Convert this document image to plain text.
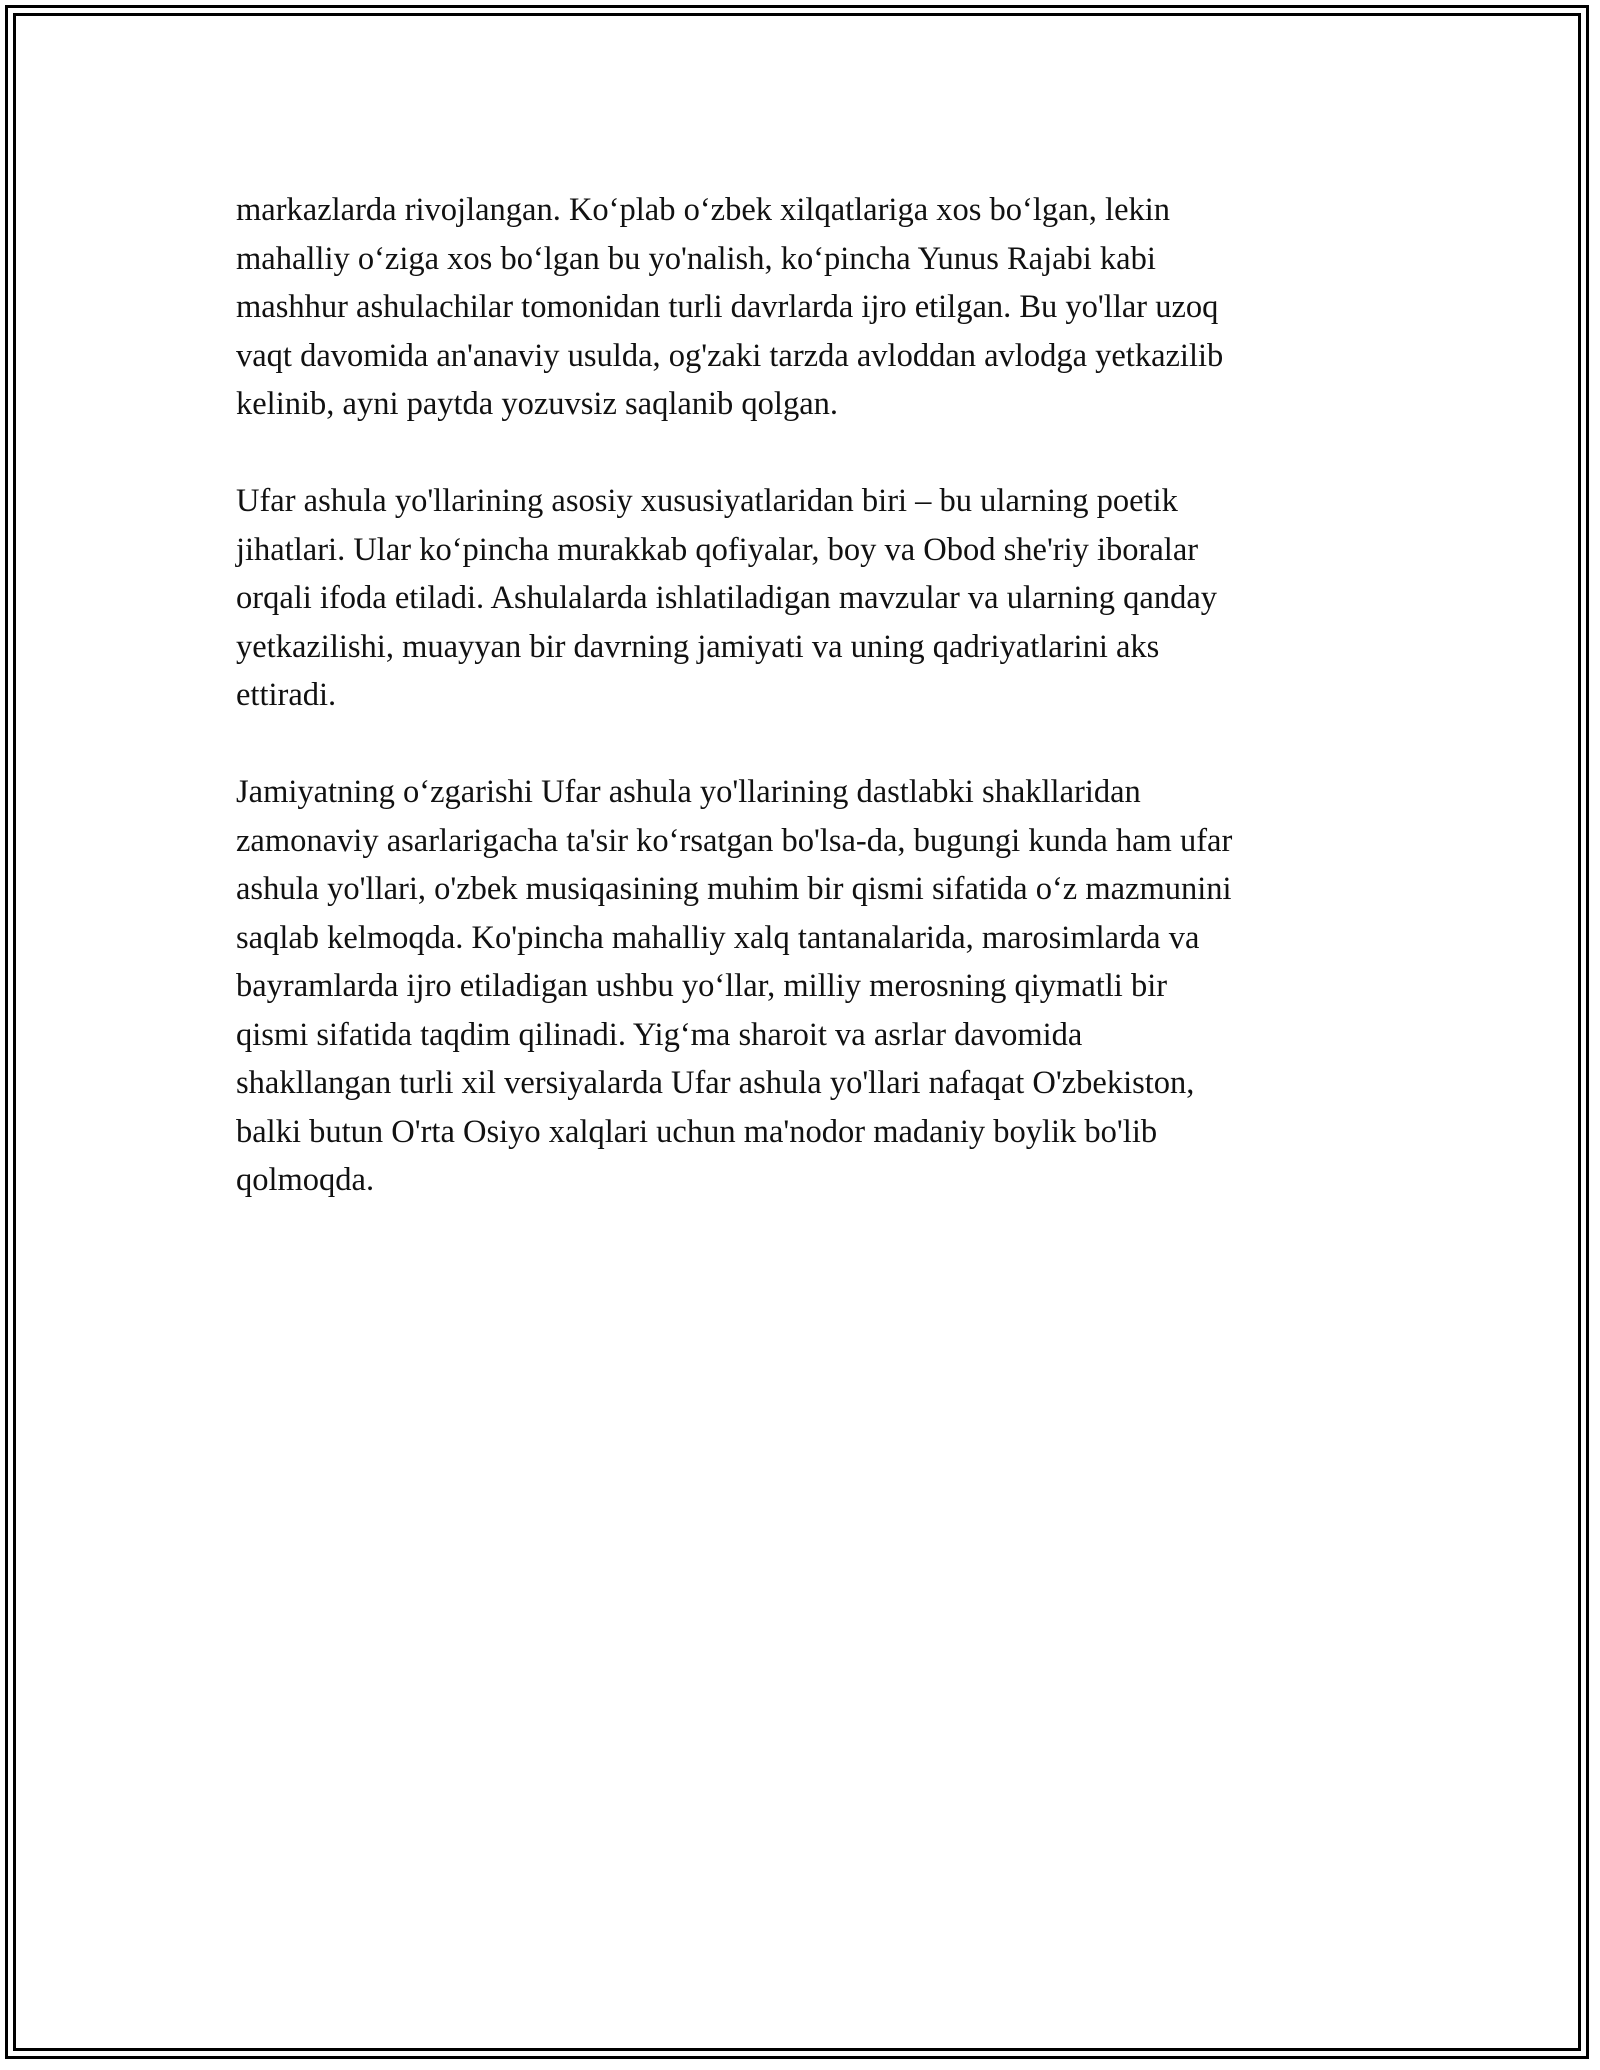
markazlarda rivojlangan. Ko‘plab o‘zbek xilqatlariga xos bo‘lgan, lekin
mahalliy o‘ziga xos bo‘lgan bu yo'nalish, ko‘pincha Yunus Rajabi kabi
mashhur ashulachilar tomonidan turli davrlarda ijro etilgan. Bu yo'llar uzoq
vaqt davomida an'anaviy usulda, og'zaki tarzda avloddan avlodga yetkazilib
kelinib, ayni paytda yozuvsiz saqlanib qolgan.

Ufar ashula yo'llarining asosiy xususiyatlaridan biri – bu ularning poetik
jihatlari. Ular ko‘pincha murakkab qofiyalar, boy va Obod she'riy iboralar
orqali ifoda etiladi. Ashulalarda ishlatiladigan mavzular va ularning qanday
yetkazilishi, muayyan bir davrning jamiyati va uning qadriyatlarini aks
ettiradi.

Jamiyatning o‘zgarishi Ufar ashula yo'llarining dastlabki shakllaridan
zamonaviy asarlarigacha ta'sir ko‘rsatgan bo'lsa-da, bugungi kunda ham ufar
ashula yo'llari, o'zbek musiqasining muhim bir qismi sifatida o‘z mazmunini
saqlab kelmoqda. Ko'pincha mahalliy xalq tantanalarida, marosimlarda va
bayramlarda ijro etiladigan ushbu yo‘llar, milliy merosning qiymatli bir
qismi sifatida taqdim qilinadi. Yig‘ma sharoit va asrlar davomida
shakllangan turli xil versiyalarda Ufar ashula yo'llari nafaqat O'zbekiston,
balki butun O'rta Osiyo xalqlari uchun ma'nodor madaniy boylik bo'lib
qolmoqda.
